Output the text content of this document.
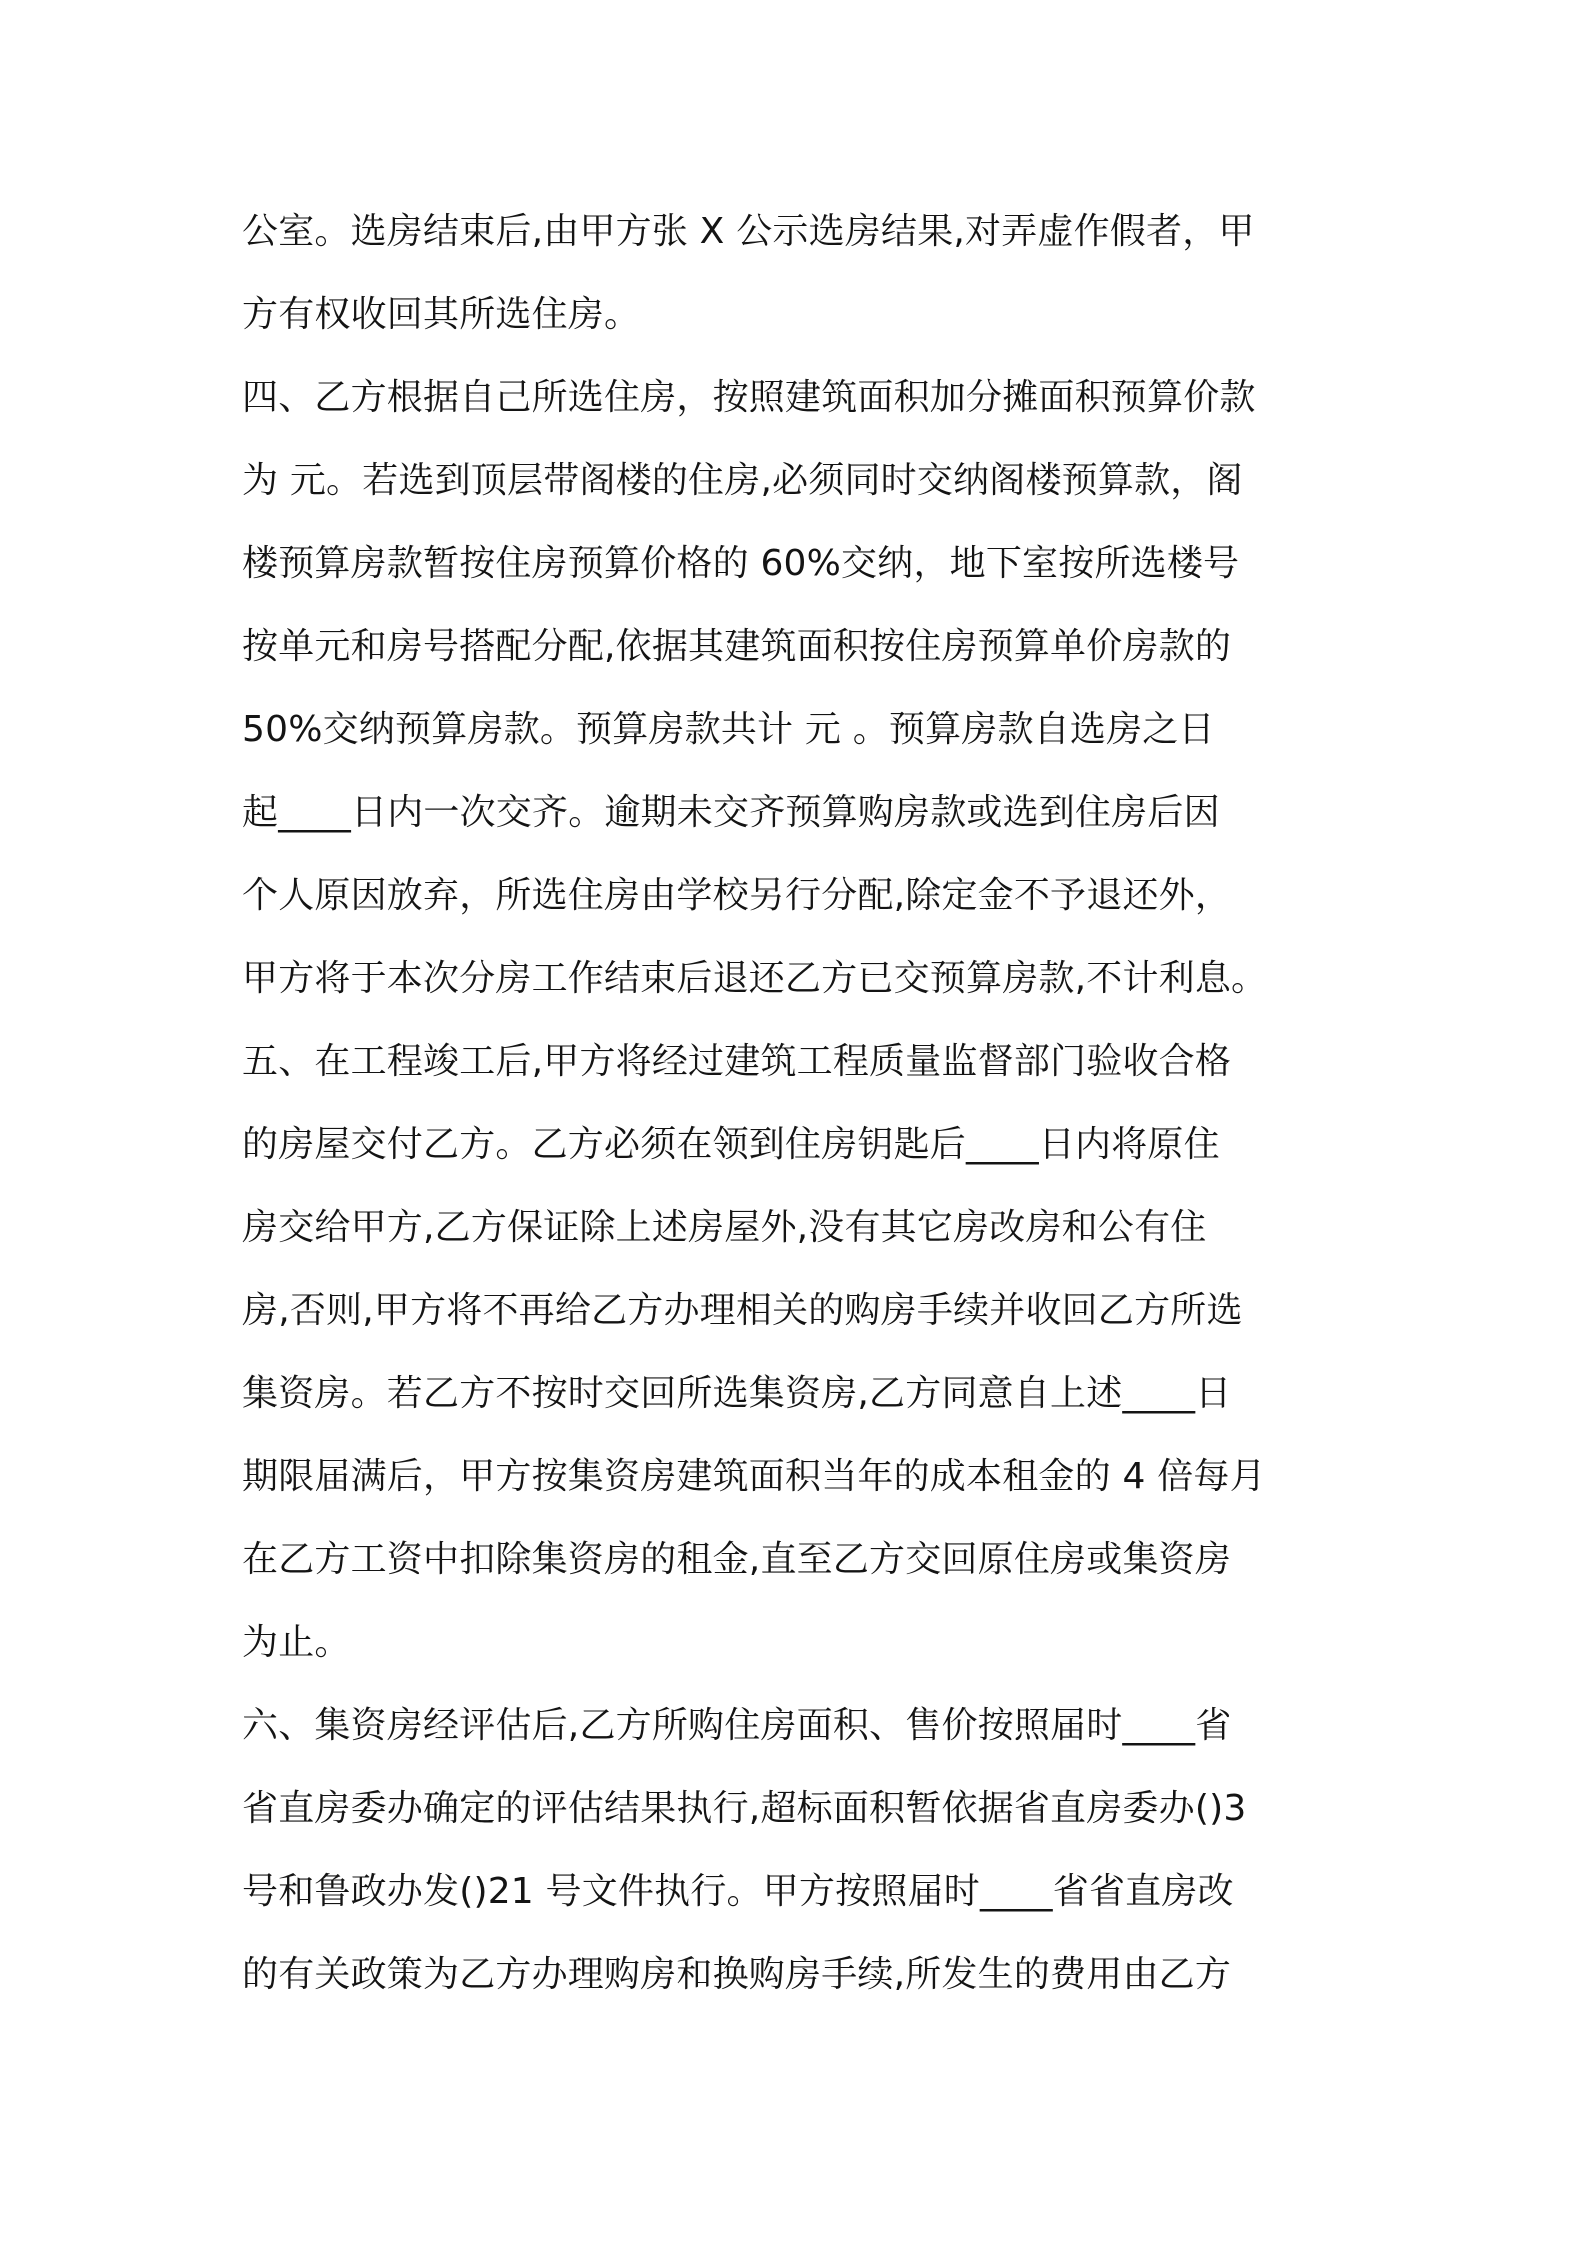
公室。选房结束后,由甲方张 X 公示选房结果,对弄虚作假者，甲
方有权收回其所选住房。
四、乙方根据自己所选住房，按照建筑面积加分摊面积预算价款
为 元。若选到顶层带阁楼的住房,必须同时交纳阁楼预算款，阁
楼预算房款暂按住房预算价格的 60%交纳，地下室按所选楼号
按单元和房号搭配分配,依据其建筑面积按住房预算单价房款的
50%交纳预算房款。预算房款共计 元 。预算房款自选房之日
起____日内一次交齐。逾期未交齐预算购房款或选到住房后因
个人原因放弃，所选住房由学校另行分配,除定金不予退还外，
甲方将于本次分房工作结束后退还乙方已交预算房款,不计利息。
五、在工程竣工后,甲方将经过建筑工程质量监督部门验收合格
的房屋交付乙方。乙方必须在领到住房钥匙后____日内将原住
房交给甲方,乙方保证除上述房屋外,没有其它房改房和公有住
房,否则,甲方将不再给乙方办理相关的购房手续并收回乙方所选
集资房。若乙方不按时交回所选集资房,乙方同意自上述____日
期限届满后，甲方按集资房建筑面积当年的成本租金的 4 倍每月
在乙方工资中扣除集资房的租金,直至乙方交回原住房或集资房
为止。
六、集资房经评估后,乙方所购住房面积、售价按照届时____省
省直房委办确定的评估结果执行,超标面积暂依据省直房委办()3
号和鲁政办发()21 号文件执行。甲方按照届时____省省直房改
的有关政策为乙方办理购房和换购房手续,所发生的费用由乙方
